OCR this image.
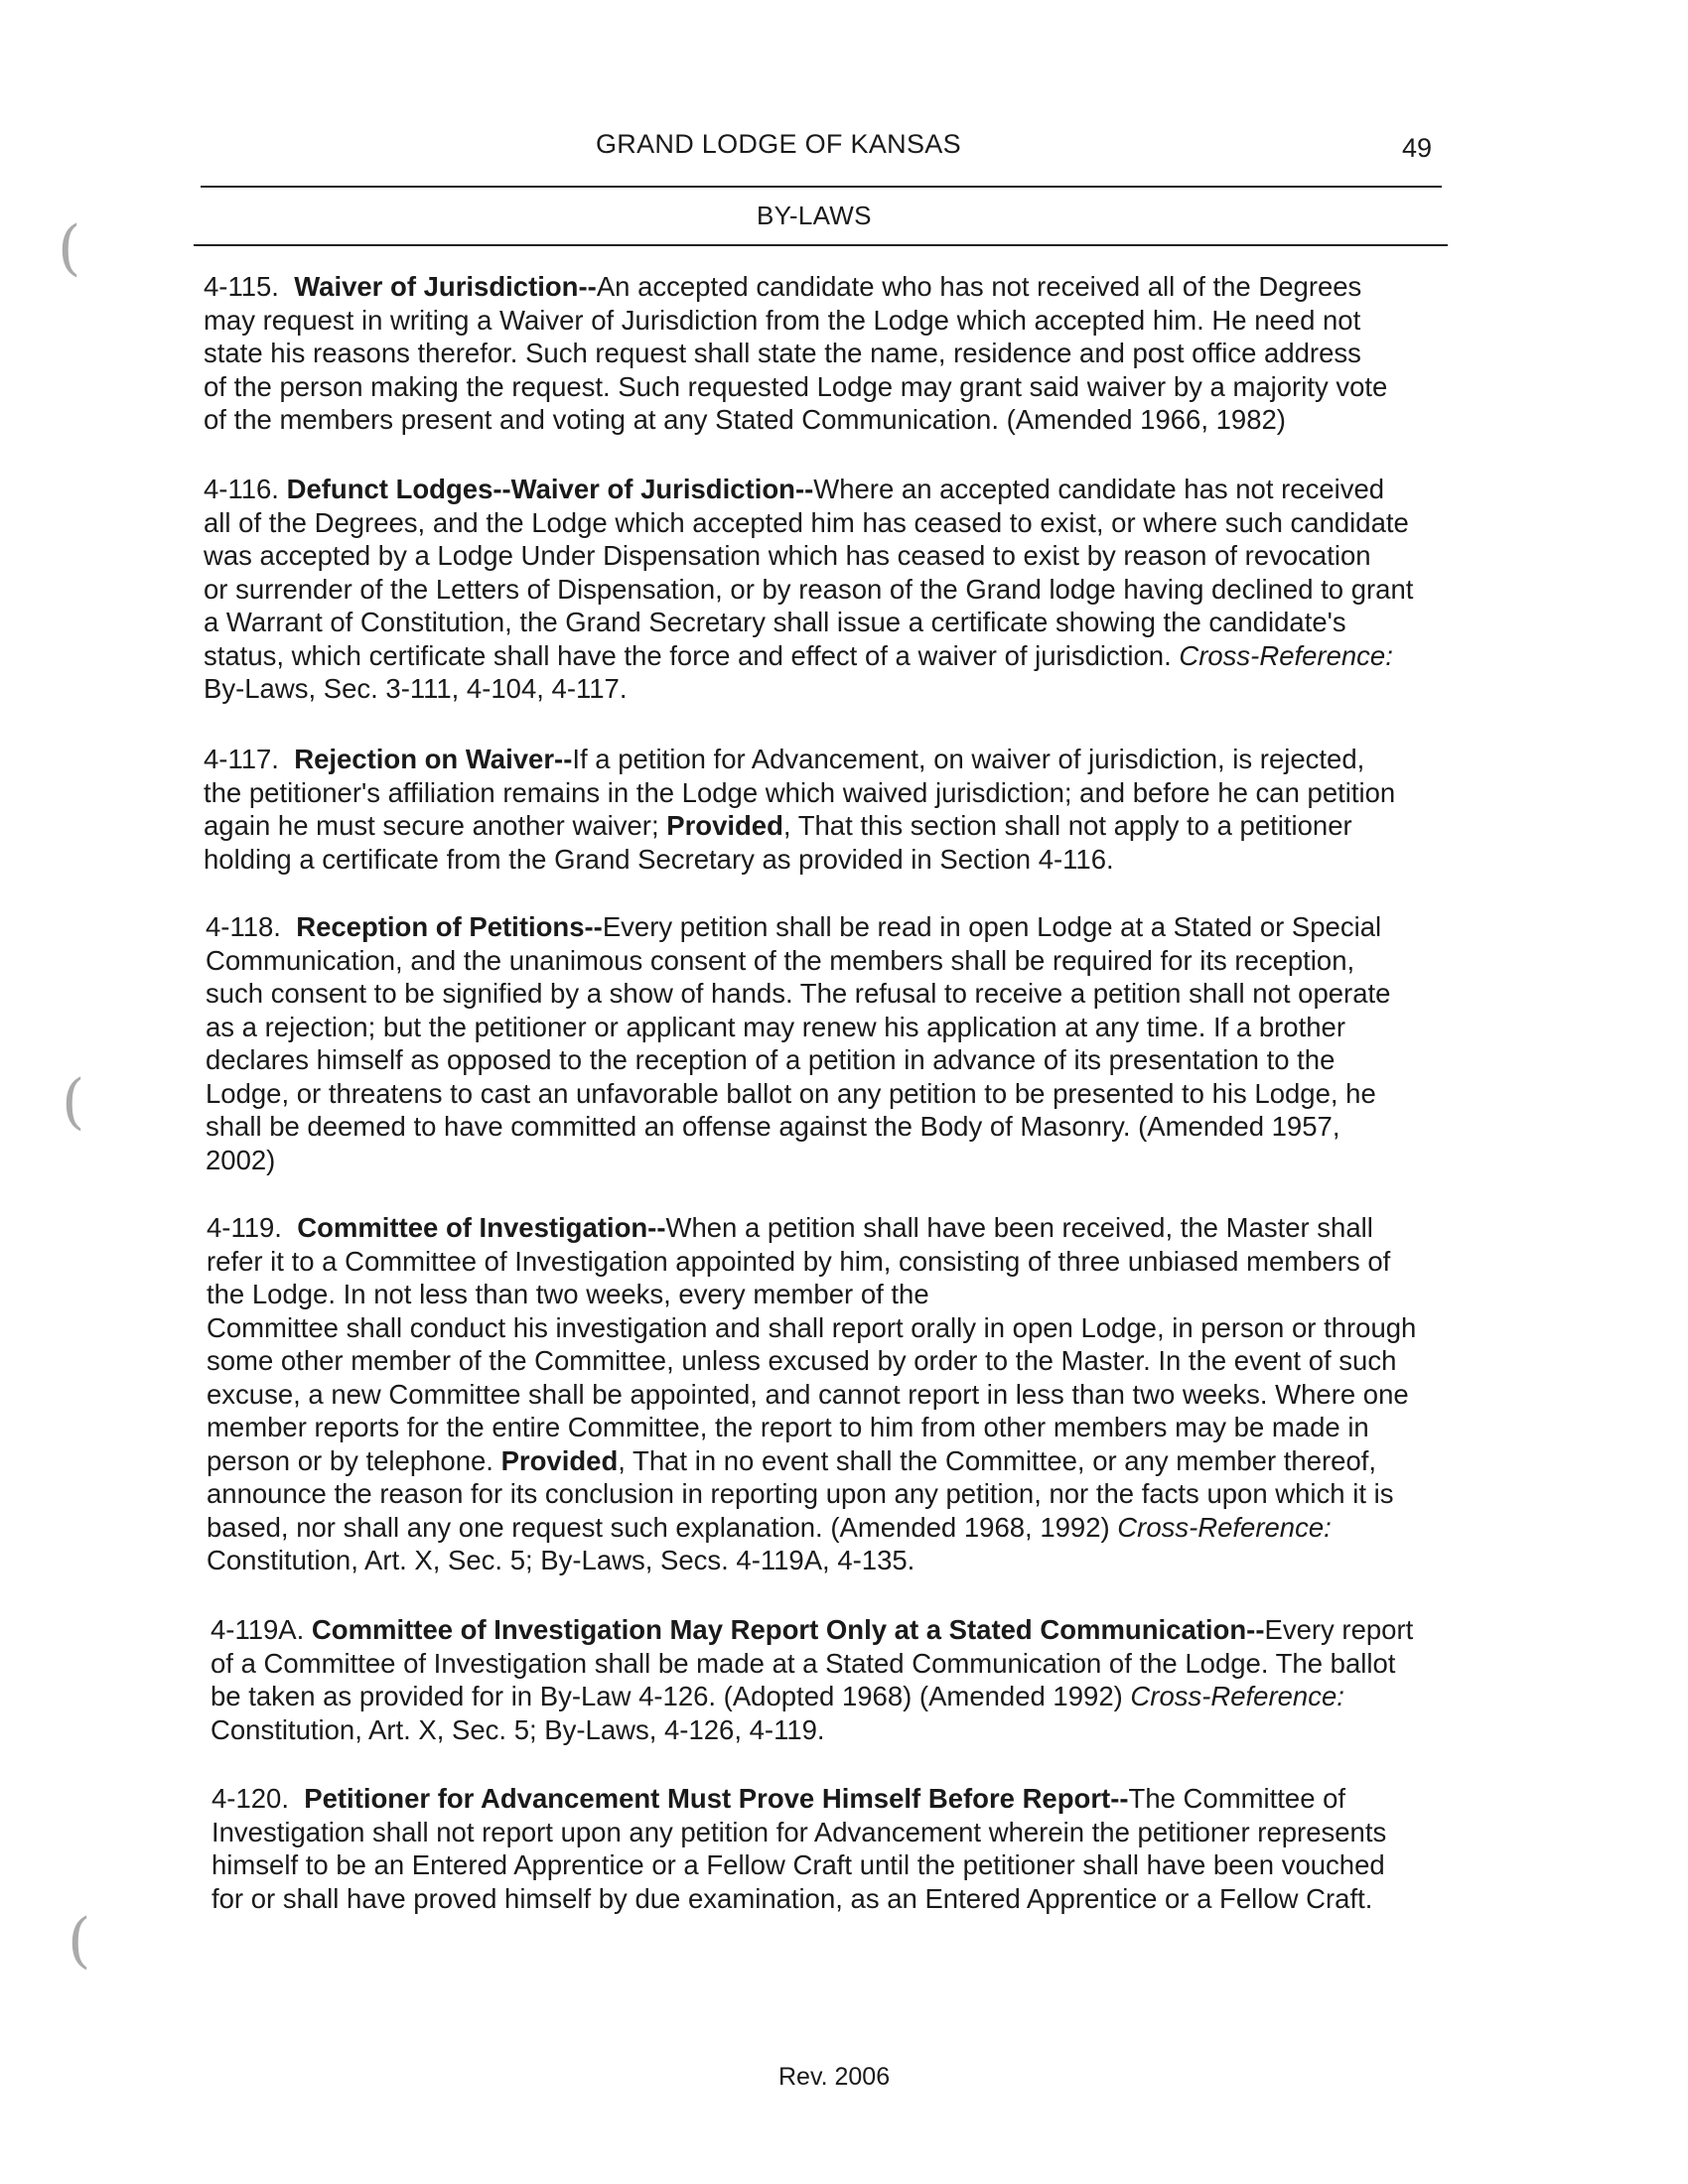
GRAND LODGE OF KANSAS	49
BY-LAWS
(
(
(
4-115. Waiver of Jurisdiction--An accepted candidate who has not received all of the Degrees
may request in writing a Waiver of Jurisdiction from the Lodge which accepted him. He need not
state his reasons therefor. Such request shall state the name, residence and post office address
of the person making the request. Such requested Lodge may grant said waiver by a majority vote
of the members present and voting at any Stated Communication. (Amended 1966, 1982)
4-116. Defunct Lodges--Waiver of Jurisdiction--Where an accepted candidate has not received
all of the Degrees, and the Lodge which accepted him has ceased to exist, or where such candidate
was accepted by a Lodge Under Dispensation which has ceased to exist by reason of revocation
or surrender of the Letters of Dispensation, or by reason of the Grand lodge having declined to grant
a Warrant of Constitution, the Grand Secretary shall issue a certificate showing the candidate's
status, which certificate shall have the force and effect of a waiver of jurisdiction. Cross-Reference:
By-Laws, Sec. 3-111, 4-104, 4-117.
4-117. Rejection on Waiver--If a petition for Advancement, on waiver of jurisdiction, is rejected,
the petitioner's affiliation remains in the Lodge which waived jurisdiction; and before he can petition
again he must secure another waiver; Provided, That this section shall not apply to a petitioner
holding a certificate from the Grand Secretary as provided in Section 4-116.
4-118. Reception of Petitions--Every petition shall be read in open Lodge at a Stated or Special
Communication, and the unanimous consent of the members shall be required for its reception,
such consent to be signified by a show of hands. The refusal to receive a petition shall not operate
as a rejection; but the petitioner or applicant may renew his application at any time. If a brother
declares himself as opposed to the reception of a petition in advance of its presentation to the
Lodge, or threatens to cast an unfavorable ballot on any petition to be presented to his Lodge, he
shall be deemed to have committed an offense against the Body of Masonry. (Amended 1957,
2002)
4-119. Committee of Investigation--When a petition shall have been received, the Master shall
refer it to a Committee of Investigation appointed by him, consisting of three unbiased members of
the Lodge. In not less than two weeks, every member of the
Committee shall conduct his investigation and shall report orally in open Lodge, in person or through
some other member of the Committee, unless excused by order to the Master. In the event of such
excuse, a new Committee shall be appointed, and cannot report in less than two weeks. Where one
member reports for the entire Committee, the report to him from other members may be made in
person or by telephone. Provided, That in no event shall the Committee, or any member thereof,
announce the reason for its conclusion in reporting upon any petition, nor the facts upon which it is
based, nor shall any one request such explanation. (Amended 1968, 1992) Cross-Reference:
Constitution, Art. X, Sec. 5; By-Laws, Secs. 4-119A, 4-135.
4-119A. Committee of Investigation May Report Only at a Stated Communication--Every report
of a Committee of Investigation shall be made at a Stated Communication of the Lodge. The ballot
be taken as provided for in By-Law 4-126. (Adopted 1968) (Amended 1992) Cross-Reference:
Constitution, Art. X, Sec. 5; By-Laws, 4-126, 4-119.
4-120. Petitioner for Advancement Must Prove Himself Before Report--The Committee of
Investigation shall not report upon any petition for Advancement wherein the petitioner represents
himself to be an Entered Apprentice or a Fellow Craft until the petitioner shall have been vouched
for or shall have proved himself by due examination, as an Entered Apprentice or a Fellow Craft.
Rev. 2006
